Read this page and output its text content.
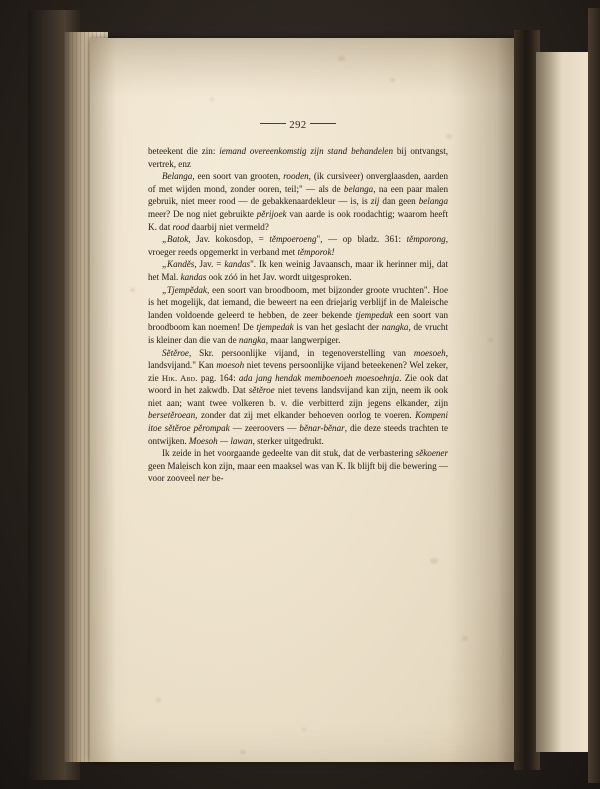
292

beteekent die zin: iemand overeenkomstig zijn stand behandelen bij ontvangst, vertrek, enz

Belanga, een soort van grooten, rooden, (ik cursiveer) onverglaasden, aarden of met wijden mond, zonder ooren, teil;" — als de belanga, na een paar malen gebruik, niet meer rood — de gebakkenaardekleur — is, is zij dan geen belanga meer? De nog niet gebruikte pěrijoek van aarde is ook roodachtig; waarom heeft K. dat rood daarbij niet vermeld?

„Batok, Jav. kokosdop, = těmpoeroeng", — op bladz. 361: těmporong, vroeger reeds opgemerkt in verband met těmporok!

„Kanděs, Jav. = kandas". Ik ken weinig Javaansch, maar ik herinner mij, dat het Mal. kandas ook zóó in het Jav. wordt uitgesproken.

„Tjempědak, een soort van broodboom, met bijzonder groote vruchten". Hoe is het mogelijk, dat iemand, die beweert na een driejarig verblijf in de Maleische landen voldoende geleerd te hebben, de zeer bekende tjempedak een soort van broodboom kan noemen! De tjempedak is van het geslacht der nangka, de vrucht is kleiner dan die van de nangka, maar langwerpiger.

Sětěroe, Skr. persoonlijke vijand, in tegenoverstelling van moesoeh, landsvijand." Kan moesoh niet tevens persoonlijke vijand beteekenen? Wel zeker, zie Hik. Abd. pag. 164: ada jang hendak memboenoeh moesoehnja. Zie ook dat woord in het zakwdb. Dat sětěroe niet tevens landsvijand kan zijn, neem ik ook niet aan; want twee volkeren b. v. die verbitterd zijn jegens elkander, zijn bersetěroean, zonder dat zij met elkander behoeven oorlog te voeren. Kompeni itoe sětěroe pěrompak — zeeroovers — běnar-běnar, die deze steeds trachten te ontwijken. Moesoh — lawan, sterker uitgedrukt.

Ik zeide in het voorgaande gedeelte van dit stuk, dat de verbastering sěkoener geen Maleisch kon zijn, maar een maaksel was van K. Ik blijft bij die bewering — voor zooveel ner be-
